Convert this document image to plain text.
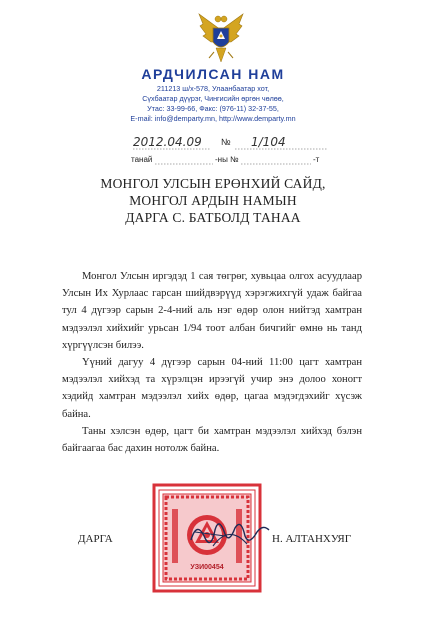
АРДЧИЛСАН НАМ
211213 ш/х-578, Улаанбаатар хот,
Сүхбаатар дүүрэг, Чингисийн өргөн чөлөө,
Утас: 33-99-66, Факс: (976-11) 32-37-55,
E-mail: info@demparty.mn, http://www.demparty.mn
2012.04.09 № 1/104
танай	-ны №	-т
МОНГОЛ УЛСЫН ЕРӨНХИЙ САЙД,
МОНГОЛ АРДЫН НАМЫН
ДАРГА С. БАТБОЛД ТАНАА

Монгол Улсын иргэдэд 1 сая төгрөг, хувьцаа олгох асуудлаар Улсын Их Хурлаас гарсан шийдвэрүүд хэрэгжихгүй удаж байгаа тул 4 дүгээр сарын 2-4-ний аль нэг өдөр олон нийтэд хамтран мэдээлэл хийхийг урьсан 1/94 тоот албан бичгийг өмнө нь танд хүргүүлсэн билээ.

Үүний дагуу 4 дүгээр сарын 04-ний 11:00 цагт хамтран мэдээлэл хийхэд та хүрэлцэн ирээгүй учир энэ долоо хоногт хэдийд хамтран мэдээлэл хийх өдөр, цагаа мэдэгдэхийг хүсэж байна.

Таны хэлсэн өдөр, цагт би хамтран мэдээлэл хийхэд бэлэн байгаагаа бас дахин нотолж байна.

УЗИ00454
ДАРГА	Н. АЛТАНХУЯГ
